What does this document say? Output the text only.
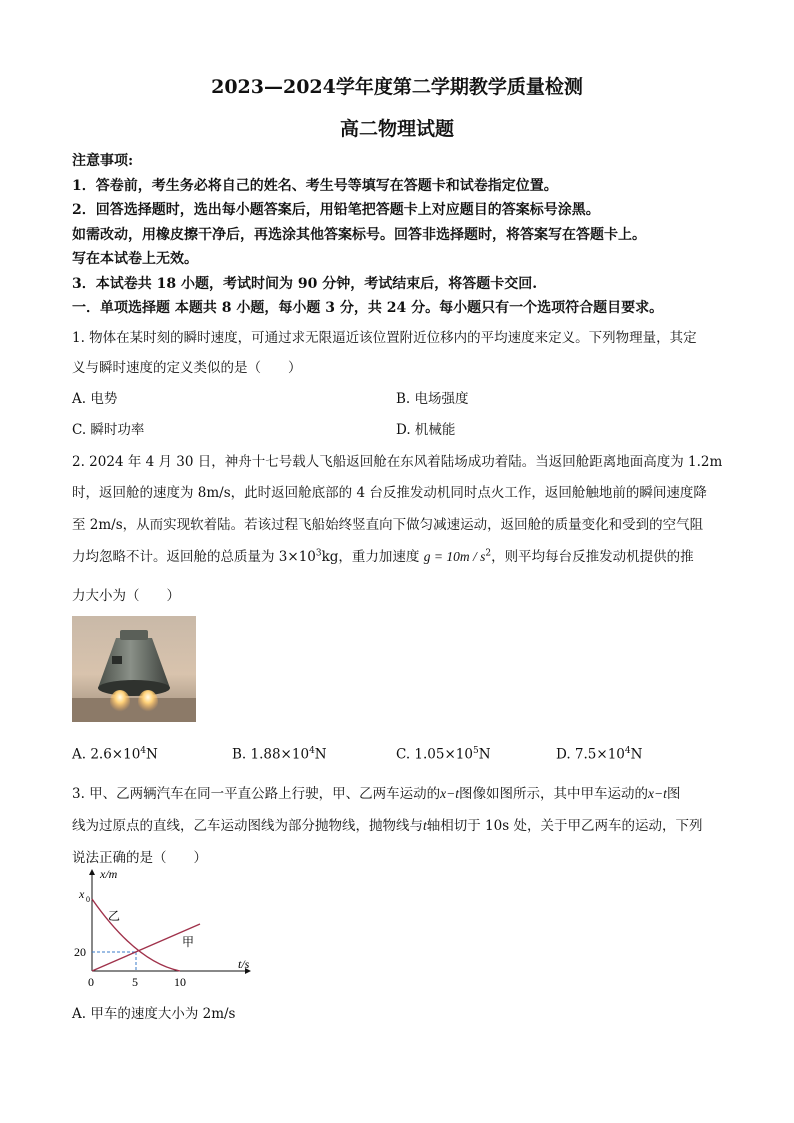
2023—2024学年度第二学期教学质量检测
高二物理试题
注意事项:
1．答卷前，考生务必将自己的姓名、考生号等填写在答题卡和试卷指定位置。
2．回答选择题时，选出每小题答案后，用铅笔把答题卡上对应题目的答案标号涂黑。
如需改动，用橡皮擦干净后，再选涂其他答案标号。回答非选择题时，将答案写在答题卡上。
写在本试卷上无效。
3．本试卷共 18 小题，考试时间为 90 分钟，考试结束后，将答题卡交回.
一．单项选择题 本题共 8 小题，每小题 3 分，共 24 分。每小题只有一个选项符合题目要求。
1. 物体在某时刻的瞬时速度，可通过求无限逼近该位置附近位移内的平均速度来定义。下列物理量，其定
义与瞬时速度的定义类似的是（　　）
A. 电势	B. 电场强度
C. 瞬时功率	D. 机械能
2. 2024 年 4 月 30 日，神舟十七号载人飞船返回舱在东风着陆场成功着陆。当返回舱距离地面高度为 1.2m
时，返回舱的速度为 8m/s，此时返回舱底部的 4 台反推发动机同时点火工作，返回舱触地前的瞬间速度降
至 2m/s，从而实现软着陆。若该过程飞船始终竖直向下做匀减速运动，返回舱的质量变化和受到的空气阻
力均忽略不计。返回舱的总质量为 $3\times 10^3kg$，重力加速度 $g = 10m / s^2$，则平均每台反推发动机提供的推
力大小为（　　）
A. $2.6\times 10^4N$	B. $1.88\times 10^4N$	C. $1.05\times 10^5N$	D. $7.5\times 10^4N$
3. 甲、乙两辆汽车在同一平直公路上行驶，甲、乙两车运动的x−t图像如图所示，其中甲车运动的x−t图
线为过原点的直线，乙车运动图线为部分抛物线，抛物线与t轴相切于 10s 处，关于甲乙两车的运动，下列
说法正确的是（　　）
x/m
t/s
x 0
20
0	5	10
乙
甲
A. 甲车的速度大小为 2m/s
